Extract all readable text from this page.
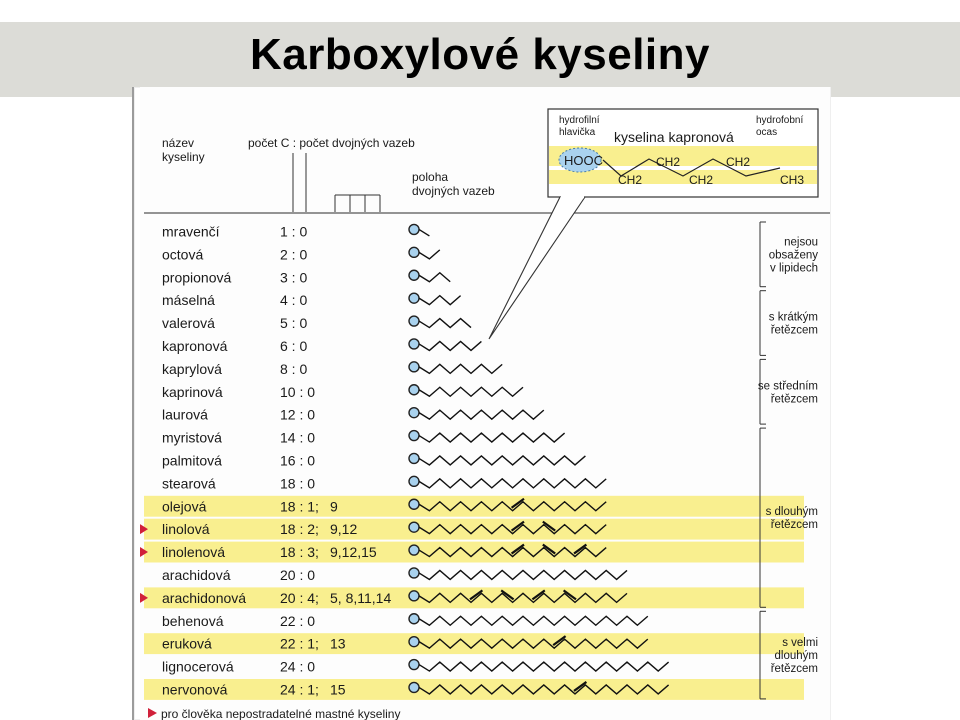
Karboxylové kyseliny
název
kyseliny
počet C : počet dvojných vazeb
poloha
dvojných vazeb
hydrofilní
hlavička kyselina kapronová
hydrofobní
ocas
HOOC	CH2	CH2
CH2	CH2	CH3
mravenčí	1 : 0
octová	2 : 0
propionová	3 : 0
máselná	4 : 0
valerová	5 : 0
kapronová	6 : 0
kaprylová	8 : 0
kaprinová	10 : 0
laurová	12 : 0
myristová	14 : 0
palmitová	16 : 0
stearová	18 : 0
olejová	18 : 1; 9
linolová	18 : 2; 9,12
linolenová	18 : 3; 9,12,15
arachidová	20 : 0
arachidonová 20 : 4; 5, 8,11,14
behenová	22 : 0
eruková	22 : 1; 13
lignocerová	24 : 0
nervonová	24 : 1; 15
nejsou
obsaženy
v lipidech
s krátkým
řetězcem
se středním
řetězcem
s dlouhým
řetězcem
s velmi
dlouhým
řetězcem
pro člověka nepostradatelné mastné kyseliny
